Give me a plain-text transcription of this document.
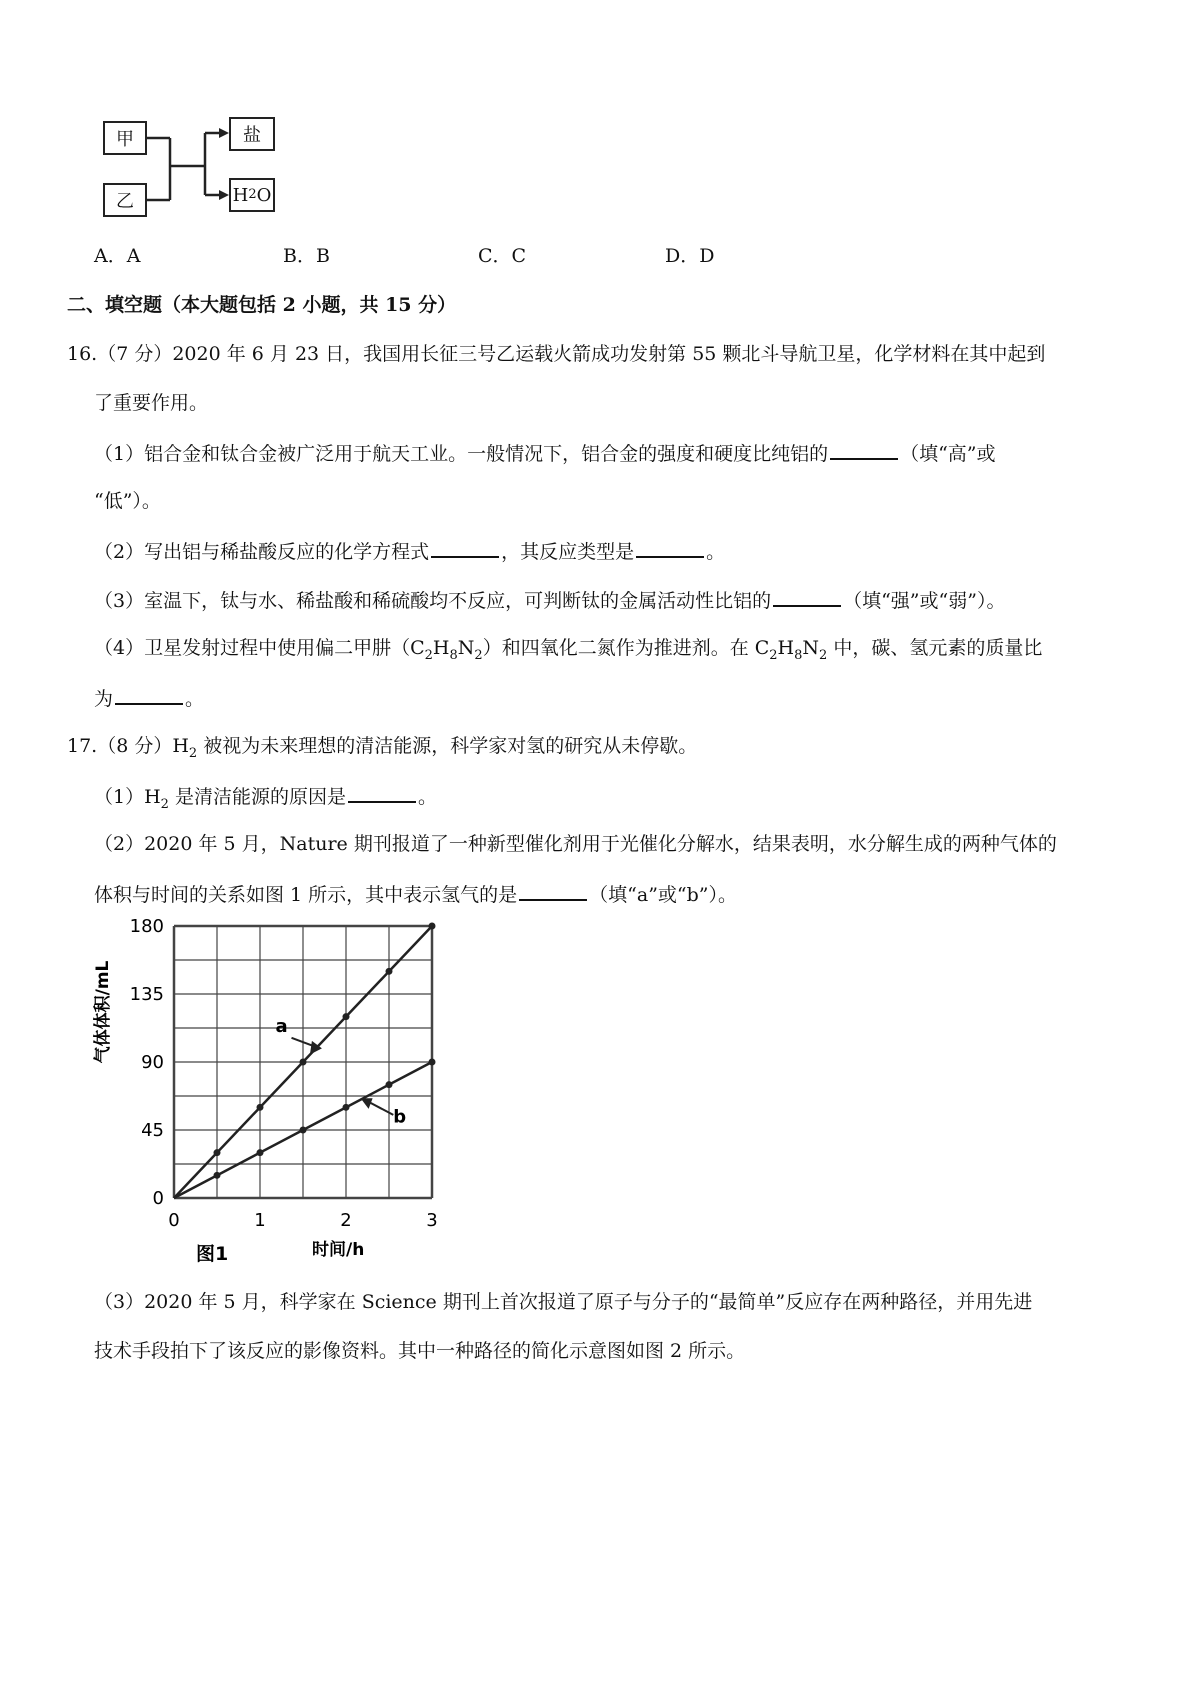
甲
乙
盐
H 2 O
A．A	B．B	C．C	D．D
二、填空题（本大题包括 2 小题，共 15 分）
16.（7 分）2020 年 6 月 23 日，我国用长征三号乙运载火箭成功发射第 55 颗北斗导航卫星，化学材料在其中起到
了重要作用。
（1）铝合金和钛合金被广泛用于航天工业。一般情况下，铝合金的强度和硬度比纯铝的	（填“高”或
“低”）。
（2）写出铝与稀盐酸反应的化学方程式	，其反应类型是	。
（3）室温下，钛与水、稀盐酸和稀硫酸均不反应，可判断钛的金属活动性比铝的	（填“强”或“弱”）。
（4）卫星发射过程中使用偏二甲肼$(C_2H_8N_2)$和四氧化二氮作为推进剂。在 $C_2H_8N_2$ 中，碳、氢元素的质量比
为	。
17.（8 分）$H_2$ 被视为未来理想的清洁能源，科学家对氢的研究从未停歇。
$(1)H_2$ 是清洁能源的原因是	。
（2）2020 年 5 月，Nature 期刊报道了一种新型催化剂用于光催化分解水，结果表明，水分解生成的两种气体的
体积与时间的关系如图 1 所示，其中表示氢气的是	（填“a”或“b”）。
0
45
90
135
180
0	1	2	3
气体体积/mL
时间/h
图1
a
b
（3）2020 年 5 月，科学家在 Science 期刊上首次报道了原子与分子的“最简单”反应存在两种路径，并用先进
技术手段拍下了该反应的影像资料。其中一种路径的简化示意图如图 2 所示。
